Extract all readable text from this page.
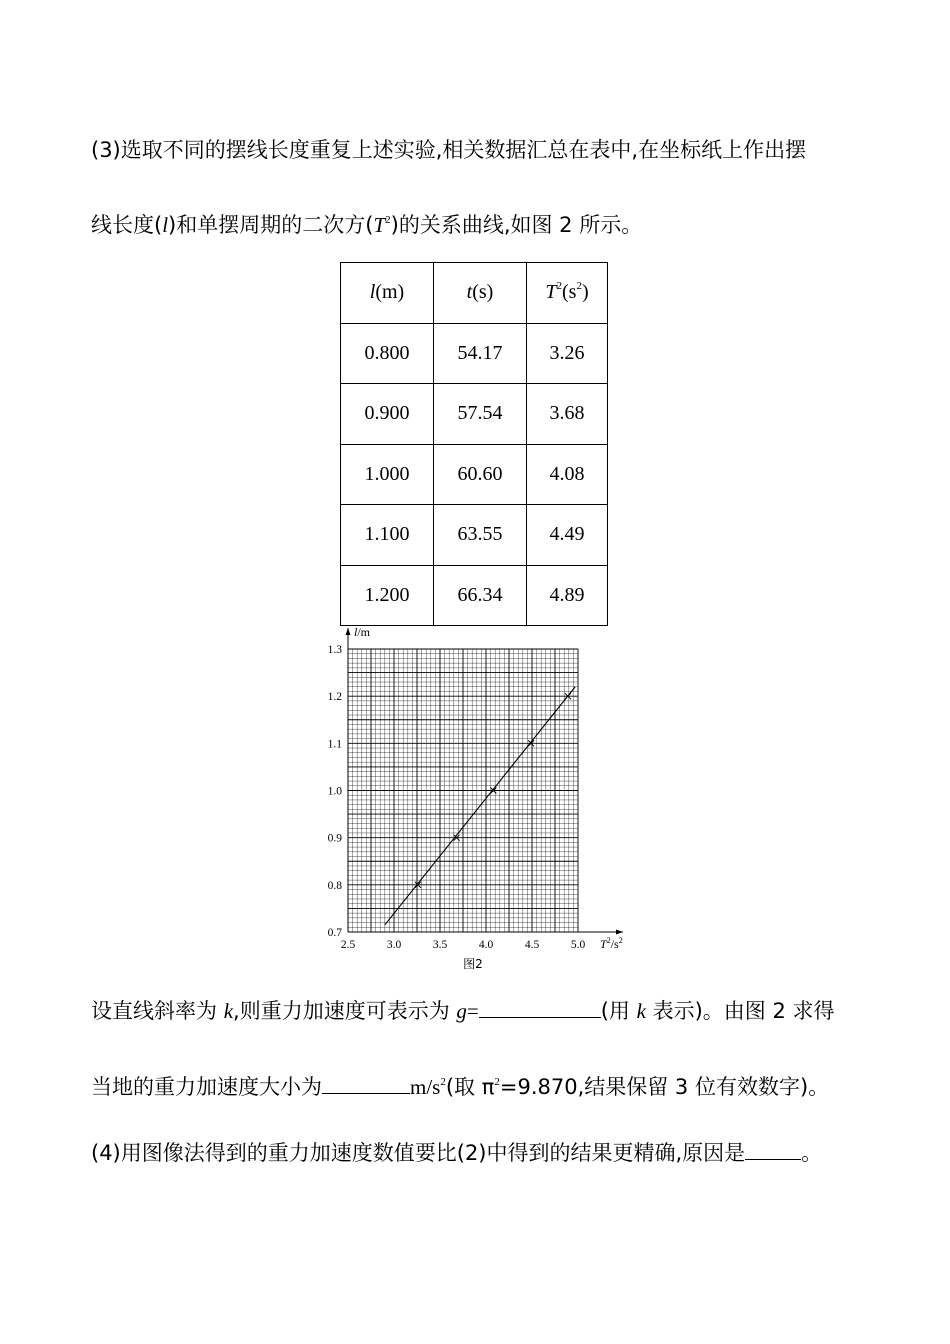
(3)选取不同的摆线长度重复上述实验,相关数据汇总在表中,在坐标纸上作出摆
线长度(l)和单摆周期的二次方$(T^2)$的关系曲线,如图 2 所示。
l(m)	t(s)	$T^2(s^2)$
0.800	54.17	3.26
0.900	57.54	3.68
1.000	60.60	4.08
1.100	63.55	4.49
1.200	66.34	4.89
2.5	3.0	3.5	4.0	4.5	5.0
0.7
0.8
0.9
1.0
1.1
1.2
1.3
l/m
$T^2/s^2$
图2
设直线斜率为 k,则重力加速度可表示为 g=	(用 k 表示)。由图 2 求得
当地的重力加速度大小为	$m/s^2$(取 $\pi^2=9.870$,结果保留 3 位有效数字)。
(4)用图像法得到的重力加速度数值要比(2)中得到的结果更精确,原因是	。
